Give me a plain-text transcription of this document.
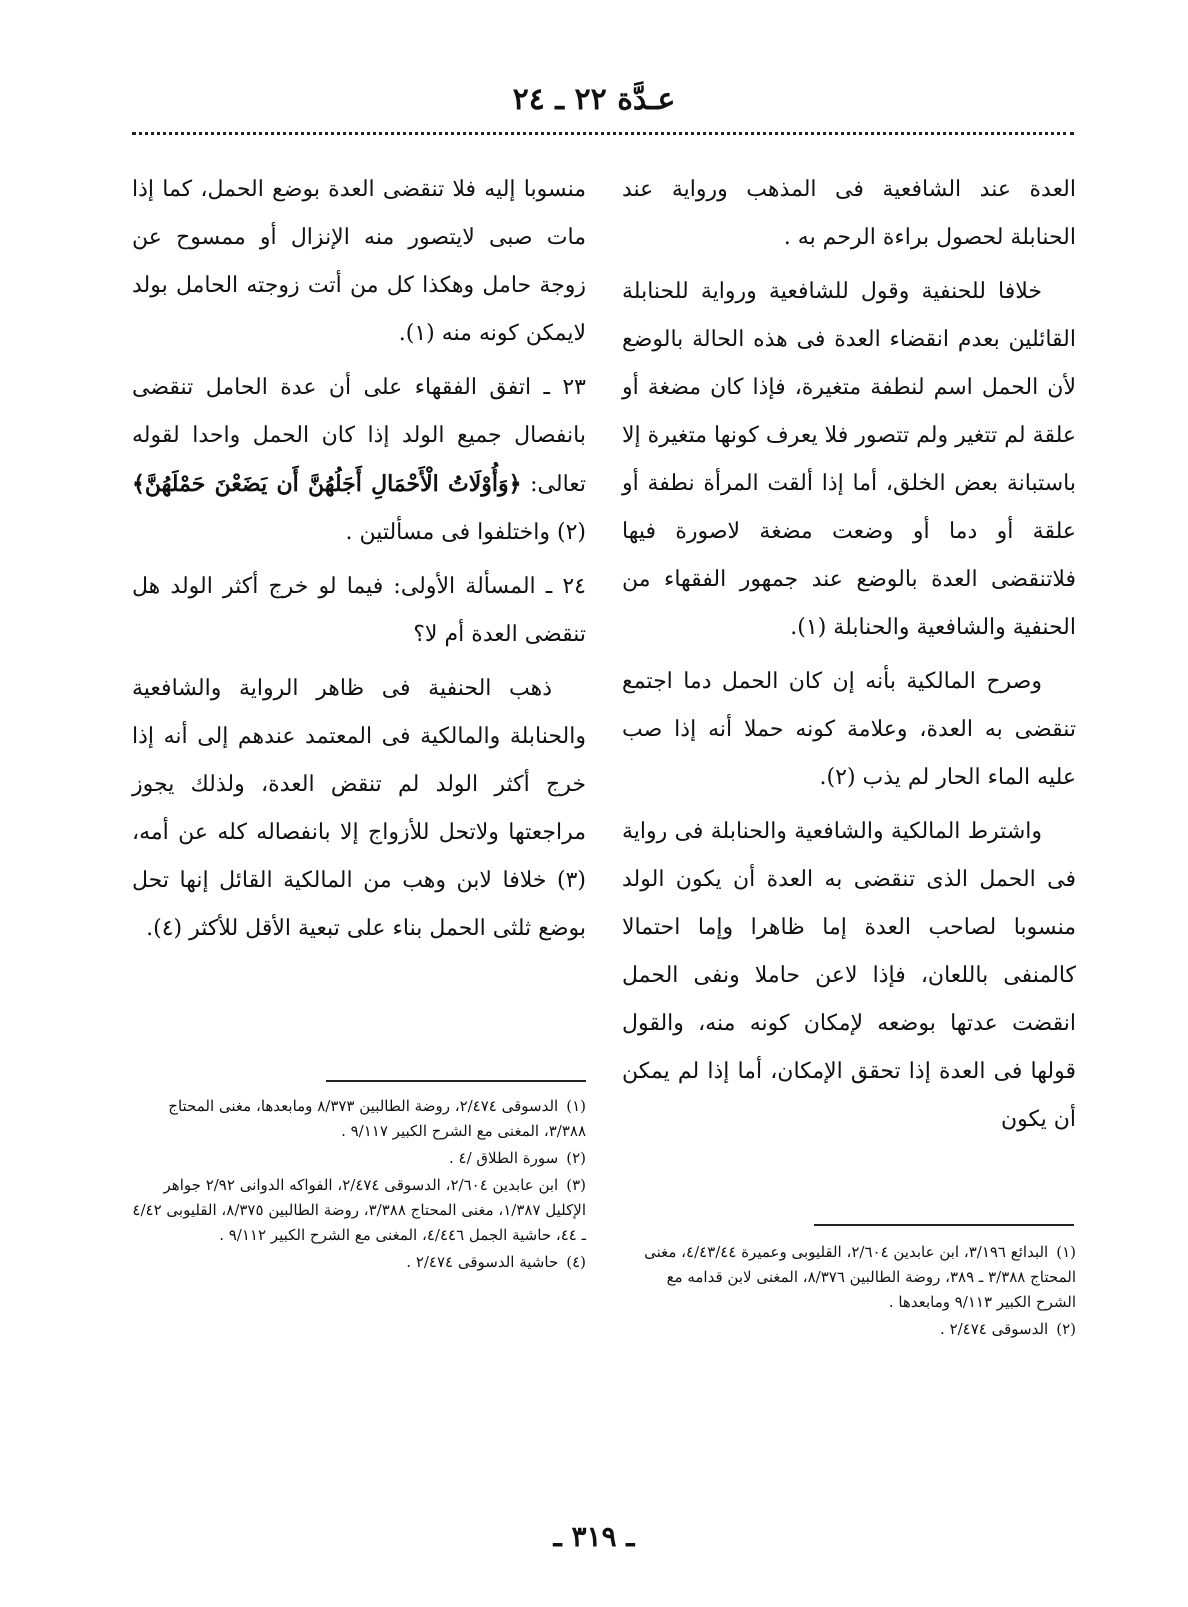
عـدَّة ٢٢ ـ ٢٤

العدة عند الشافعية فى المذهب ورواية عند الحنابلة لحصول براءة الرحم به .

خلافا للحنفية وقول للشافعية ورواية للحنابلة القائلين بعدم انقضاء العدة فى هذه الحالة بالوضع لأن الحمل اسم لنطفة متغيرة، فإذا كان مضغة أو علقة لم تتغير ولم تتصور فلا يعرف كونها متغيرة إلا باستبانة بعض الخلق، أما إذا ألقت المرأة نطفة أو علقة أو دما أو وضعت مضغة لاصورة فيها فلاتنقضى العدة بالوضع عند جمهور الفقهاء من الحنفية والشافعية والحنابلة (١).

وصرح المالكية بأنه إن كان الحمل دما اجتمع تنقضى به العدة، وعلامة كونه حملا أنه إذا صب عليه الماء الحار لم يذب (٢).

واشترط المالكية والشافعية والحنابلة فى رواية فى الحمل الذى تنقضى به العدة أن يكون الولد منسوبا لصاحب العدة إما ظاهرا وإما احتمالا كالمنفى باللعان، فإذا لاعن حاملا ونفى الحمل انقضت عدتها بوضعه لإمكان كونه منه، والقول قولها فى العدة إذا تحقق الإمكان، أما إذا لم يمكن أن يكون

منسوبا إليه فلا تنقضى العدة بوضع الحمل، كما إذا مات صبى لايتصور منه الإنزال أو ممسوح عن زوجة حامل وهكذا كل من أتت زوجته الحامل بولد لايمكن كونه منه (١).

٢٣ ـ اتفق الفقهاء على أن عدة الحامل تنقضى بانفصال جميع الولد إذا كان الحمل واحدا لقوله تعالى: ﴿وَأُوْلَاتُ الْأَحْمَالِ أَجَلُهُنَّ أَن يَضَعْنَ حَمْلَهُنَّ﴾ (٢) واختلفوا فى مسألتين .

٢٤ ـ المسألة الأولى: فيما لو خرج أكثر الولد هل تنقضى العدة أم لا؟

ذهب الحنفية فى ظاهر الرواية والشافعية والحنابلة والمالكية فى المعتمد عندهم إلى أنه إذا خرج أكثر الولد لم تنقض العدة، ولذلك يجوز مراجعتها ولاتحل للأزواج إلا بانفصاله كله عن أمه، (٣) خلافا لابن وهب من المالكية القائل إنها تحل بوضع ثلثى الحمل بناء على تبعية الأقل للأكثر (٤).

(١)البدائع ٣/١٩٦، ابن عابدين ٢/٦٠٤، القليوبى وعميرة ٤/٤٣/٤٤، مغنى المحتاج ٣/٣٨٨ ـ ٣٨٩، روضة الطالبين ٨/٣٧٦، المغنى لابن قدامه مع الشرح الكبير ٩/١١٣ ومابعدها .
(٢)الدسوقى ٢/٤٧٤ .
(١)الدسوقى ٢/٤٧٤، روضة الطالبين ٨/٣٧٣ ومابعدها، مغنى المحتاج ٣/٣٨٨، المغنى مع الشرح الكبير ٩/١١٧ .
(٢)سورة الطلاق /٤ .
(٣)ابن عابدين ٢/٦٠٤، الدسوقى ٢/٤٧٤، الفواكه الدوانى ٢/٩٢ جواهر الإكليل ١/٣٨٧، مغنى المحتاج ٣/٣٨٨، روضة الطالبين ٨/٣٧٥، القليوبى ٤/٤٢ ـ ٤٤، حاشية الجمل ٤/٤٤٦، المغنى مع الشرح الكبير ٩/١١٢ .
(٤)حاشية الدسوقى ٢/٤٧٤ .
ـ ٣١٩ ـ
